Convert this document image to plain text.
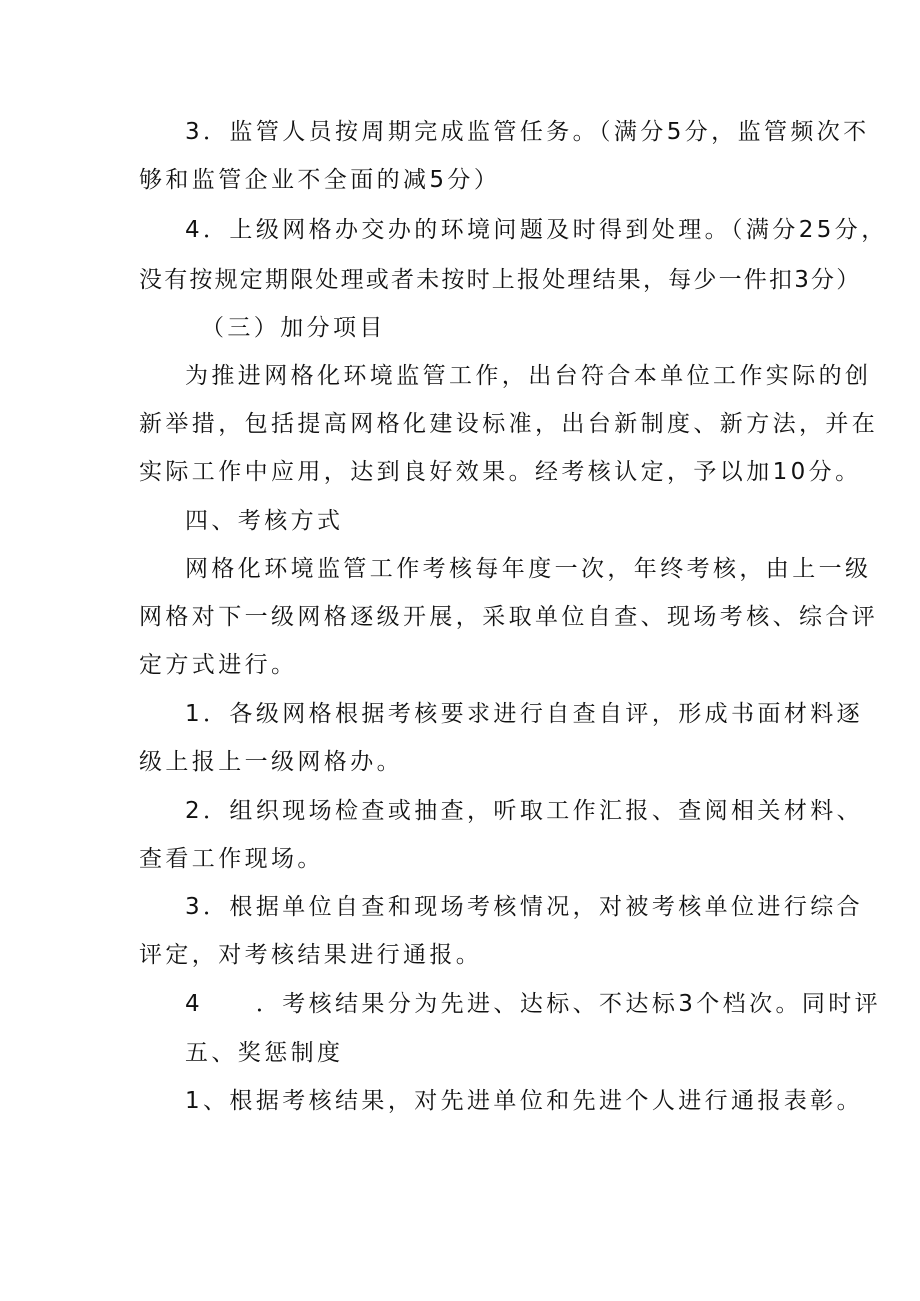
3．监管人员按周期完成监管任务。（满分5分，监管频次不
够和监管企业不全面的减5分）
4．上级网格办交办的环境问题及时得到处理。（满分25分，
没有按规定期限处理或者未按时上报处理结果，每少一件扣3分）
（三）加分项目
为推进网格化环境监管工作，出台符合本单位工作实际的创
新举措，包括提高网格化建设标准，出台新制度、新方法，并在
实际工作中应用，达到良好效果。经考核认定，予以加10分。
四、考核方式
网格化环境监管工作考核每年度一次，年终考核，由上一级
网格对下一级网格逐级开展，采取单位自查、现场考核、综合评
定方式进行。
1．各级网格根据考核要求进行自查自评，形成书面材料逐
级上报上一级网格办。
2．组织现场检查或抽查，听取工作汇报、查阅相关材料、
查看工作现场。
3．根据单位自查和现场考核情况，对被考核单位进行综合
评定，对考核结果进行通报。
4　　．考核结果分为先进、达标、不达标3个档次。同时评
五、奖惩制度
1、根据考核结果，对先进单位和先进个人进行通报表彰。
